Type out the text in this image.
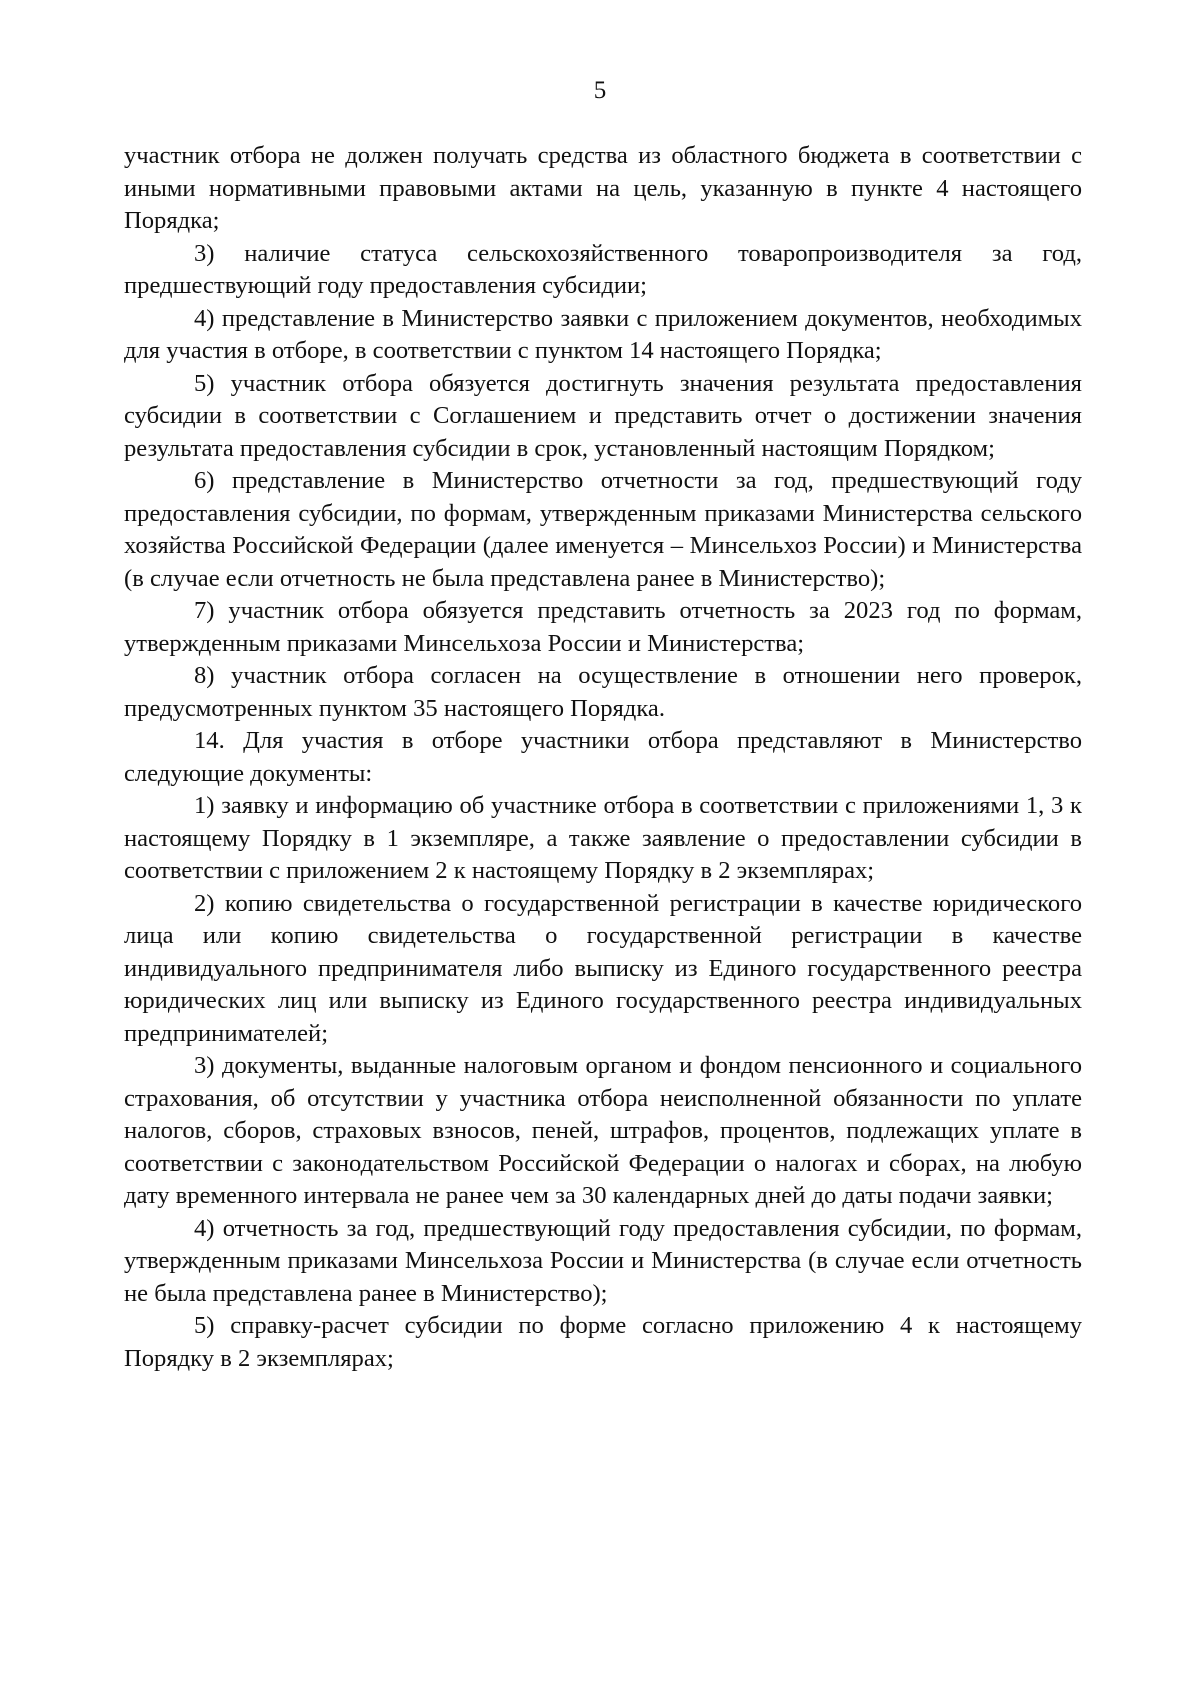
5

участник отбора не должен получать средства из областного бюджета в соответствии с иными нормативными правовыми актами на цель, указанную в пункте 4 настоящего Порядка;

3) наличие статуса сельскохозяйственного товаропроизводителя за год, предшествующий году предоставления субсидии;

4) представление в Министерство заявки с приложением документов, необходимых для участия в отборе, в соответствии с пунктом 14 настоящего Порядка;

5) участник отбора обязуется достигнуть значения результата предоставления субсидии в соответствии с Соглашением и представить отчет о достижении значения результата предоставления субсидии в срок, установленный настоящим Порядком;

6) представление в Министерство отчетности за год, предшествующий году предоставления субсидии, по формам, утвержденным приказами Министерства сельского хозяйства Российской Федерации (далее именуется – Минсельхоз России) и Министерства (в случае если отчетность не была представлена ранее в Министерство);

7) участник отбора обязуется представить отчетность за 2023 год по формам, утвержденным приказами Минсельхоза России и Министерства;

8) участник отбора согласен на осуществление в отношении него проверок, предусмотренных пунктом 35 настоящего Порядка.

14. Для участия в отборе участники отбора представляют в Министерство следующие документы:

1) заявку и информацию об участнике отбора в соответствии с приложениями 1, 3 к настоящему Порядку в 1 экземпляре, а также заявление о предоставлении субсидии в соответствии с приложением 2 к настоящему Порядку в 2 экземплярах;

2) копию свидетельства о государственной регистрации в качестве юридического лица или копию свидетельства о государственной регистрации в качестве индивидуального предпринимателя либо выписку из Единого государственного реестра юридических лиц или выписку из Единого государственного реестра индивидуальных предпринимателей;

3) документы, выданные налоговым органом и фондом пенсионного и социального страхования, об отсутствии у участника отбора неисполненной обязанности по уплате налогов, сборов, страховых взносов, пеней, штрафов, процентов, подлежащих уплате в соответствии с законодательством Российской Федерации о налогах и сборах, на любую дату временного интервала не ранее чем за 30 календарных дней до даты подачи заявки;

4) отчетность за год, предшествующий году предоставления субсидии, по формам, утвержденным приказами Минсельхоза России и Министерства (в случае если отчетность не была представлена ранее в Министерство);

5) справку-расчет субсидии по форме согласно приложению 4 к настоящему Порядку в 2 экземплярах;
